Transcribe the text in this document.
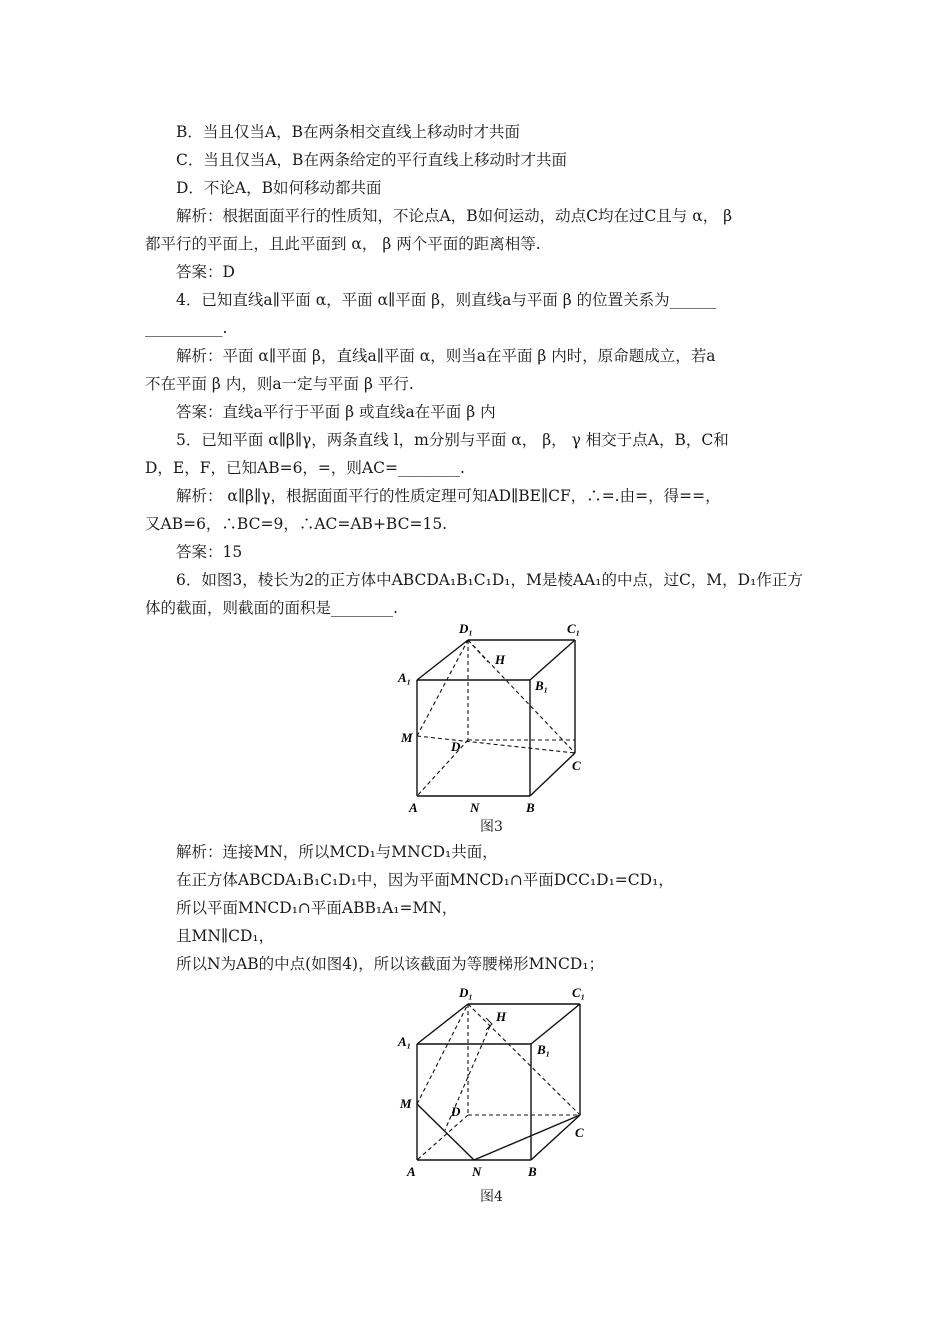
B．当且仅当A，B在两条相交直线上移动时才共面
C．当且仅当A，B在两条给定的平行直线上移动时才共面
D．不论A，B如何移动都共面
解析：根据面面平行的性质知，不论点A，B如何运动，动点C均在过C且与 α， β
都平行的平面上，且此平面到 α， β 两个平面的距离相等.
答案：D
4．已知直线a∥平面 α，平面 α∥平面 β，则直线a与平面 β 的位置关系为______
__________.
解析：平面 α∥平面 β，直线a∥平面 α，则当a在平面 β 内时，原命题成立，若a
不在平面 β 内，则a一定与平面 β 平行.
答案：直线a平行于平面 β 或直线a在平面 β 内
5．已知平面 α∥β∥γ，两条直线 l，m分别与平面 α， β， γ 相交于点A，B，C和
D，E，F，已知AB=6，=，则AC=________.
解析： α∥β∥γ，根据面面平行的性质定理可知AD∥BE∥CF，∴=.由=，得==，
又AB=6，∴BC=9，∴AC=AB+BC=15.
答案：15
6．如图3，棱长为2的正方体中ABCDA₁B₁C₁D₁，M是棱AA₁的中点，过C，M，D₁作正方
体的截面，则截面的面积是________.
D₁	C₁
H
A₁
B₁
M
D
C
A	N	B
图3
解析：连接MN，所以MCD₁与MNCD₁共面，
在正方体ABCDA₁B₁C₁D₁中，因为平面MNCD₁∩平面DCC₁D₁=CD₁，
所以平面MNCD₁∩平面ABB₁A₁=MN，
且MN∥CD₁，
所以N为AB的中点(如图4)，所以该截面为等腰梯形MNCD₁；
D₁	C₁
H
A₁
B₁
M
D
C
A	N	B
图4
